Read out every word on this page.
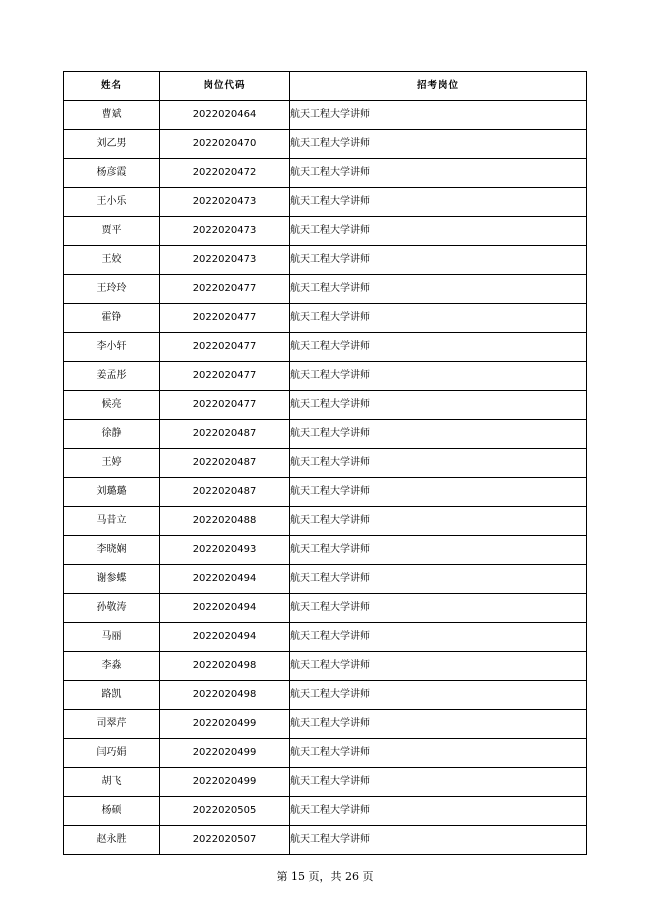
姓名	岗位代码	招考岗位
曹斌	2022020464	航天工程大学讲师
刘乙男	2022020470	航天工程大学讲师
杨彦霞	2022020472	航天工程大学讲师
王小乐	2022020473	航天工程大学讲师
贾平	2022020473	航天工程大学讲师
王姣	2022020473	航天工程大学讲师
王玲玲	2022020477	航天工程大学讲师
霍铮	2022020477	航天工程大学讲师
李小轩	2022020477	航天工程大学讲师
姜孟彤	2022020477	航天工程大学讲师
候亮	2022020477	航天工程大学讲师
徐静	2022020487	航天工程大学讲师
王婷	2022020487	航天工程大学讲师
刘璐璐	2022020487	航天工程大学讲师
马昔立	2022020488	航天工程大学讲师
李晓娴	2022020493	航天工程大学讲师
谢参蝶	2022020494	航天工程大学讲师
孙敬涛	2022020494	航天工程大学讲师
马丽	2022020494	航天工程大学讲师
李淼	2022020498	航天工程大学讲师
路凯	2022020498	航天工程大学讲师
司翠芹	2022020499	航天工程大学讲师
闫巧娟	2022020499	航天工程大学讲师
胡飞	2022020499	航天工程大学讲师
杨硕	2022020505	航天工程大学讲师
赵永胜	2022020507	航天工程大学讲师
第 15 页，共 26 页
